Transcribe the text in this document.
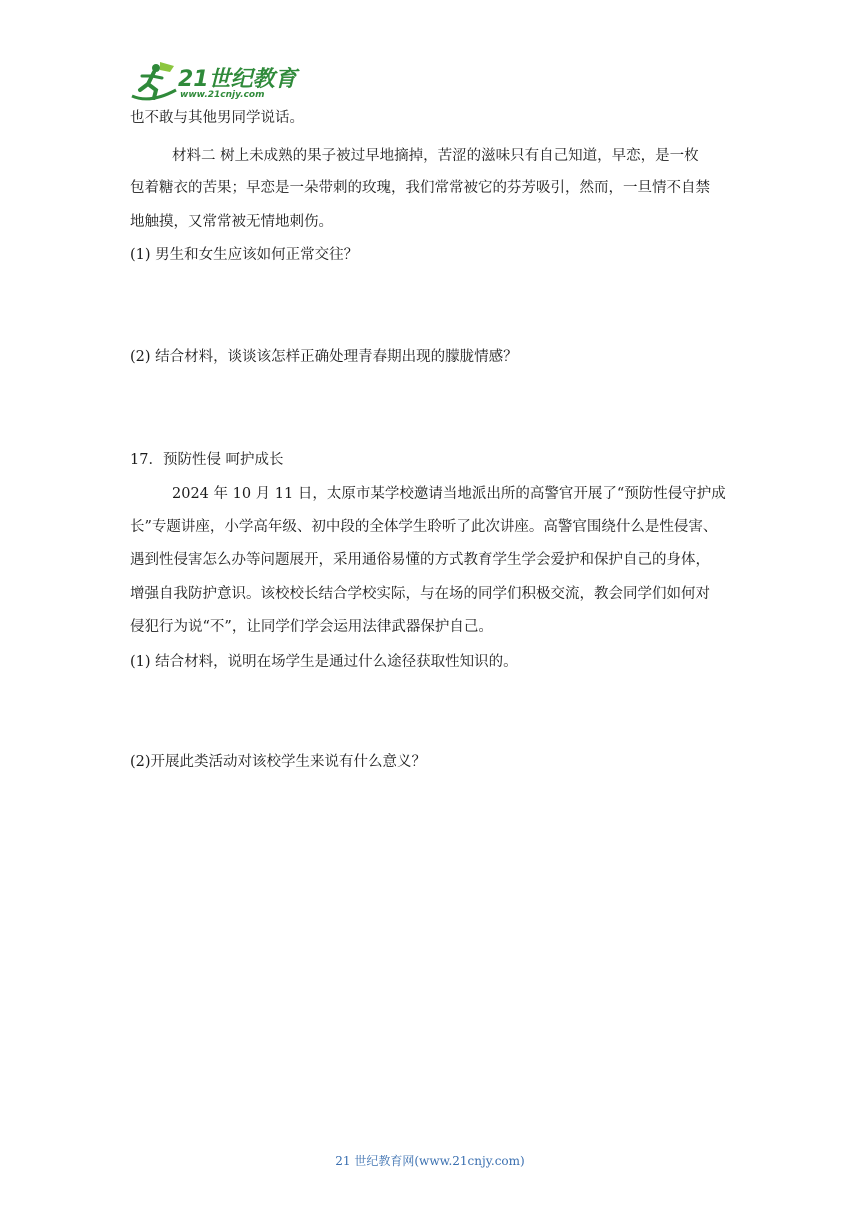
21世纪教育
www.21cnjy.com
也不敢与其他男同学说话。
材料二 树上未成熟的果子被过早地摘掉，苦涩的滋味只有自己知道，早恋，是一枚
包着糖衣的苦果；早恋是一朵带刺的玫瑰，我们常常被它的芬芳吸引，然而，一旦情不自禁
地触摸，又常常被无情地刺伤。
(1) 男生和女生应该如何正常交往？
(2) 结合材料，谈谈该怎样正确处理青春期出现的朦胧情感？
17．预防性侵 呵护成长
2024 年 10 月 11 日，太原市某学校邀请当地派出所的高警官开展了“预防性侵守护成
长”专题讲座，小学高年级、初中段的全体学生聆听了此次讲座。高警官围绕什么是性侵害、
遇到性侵害怎么办等问题展开，采用通俗易懂的方式教育学生学会爱护和保护自己的身体，
增强自我防护意识。该校校长结合学校实际，与在场的同学们积极交流，教会同学们如何对
侵犯行为说“不”，让同学们学会运用法律武器保护自己。
(1) 结合材料，说明在场学生是通过什么途径获取性知识的。
(2)开展此类活动对该校学生来说有什么意义？
21 世纪教育网(www.21cnjy.com)
